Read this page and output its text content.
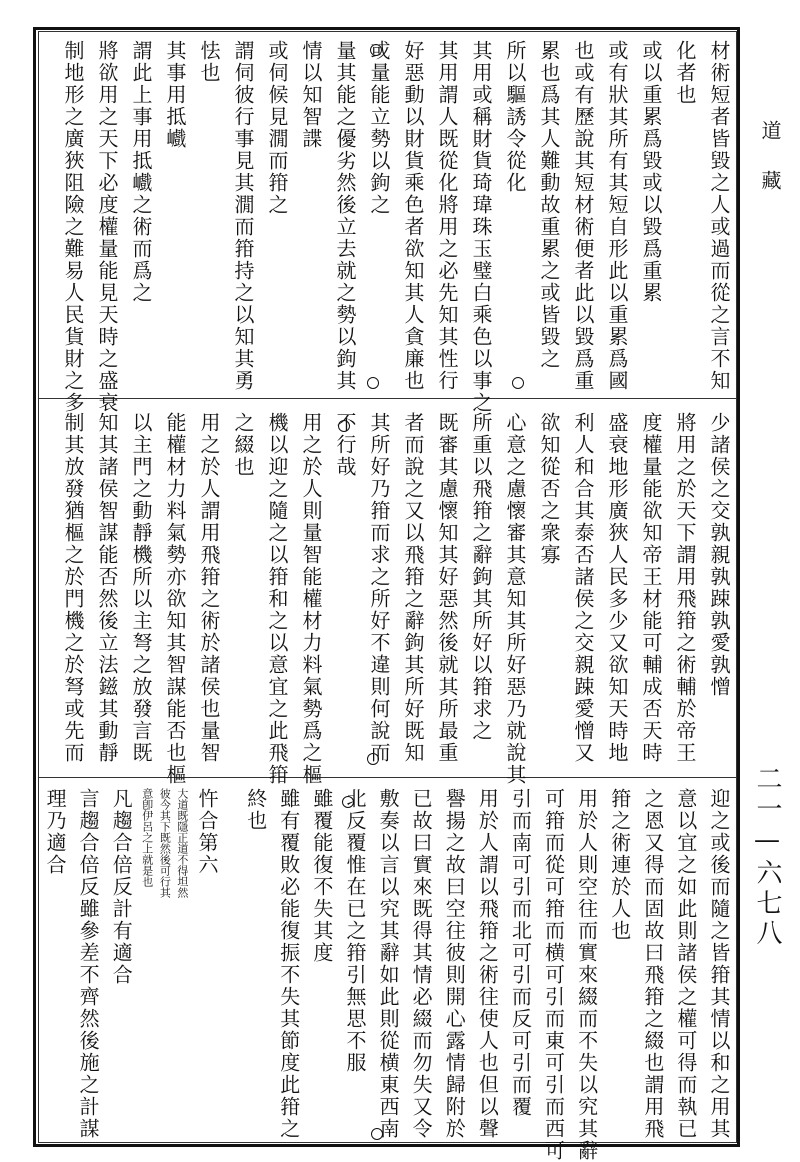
材術短者皆毀之人或過而從之言不知
化者也
或以重累爲毀或以毀爲重累
或有狀其所有其短自形此以重累爲國
也或有歷說其短材術便者此以毀爲重
累也爲其人難動故重累之或皆毀之
所以驅誘令從化
其用或稱財貨琦瑋珠玉璧白乘色以事之
其用謂人既從化將用之必先知其性行
好惡動以財貨乘色者欲知其人貪廉也
或量能立勢以鉤之
量其能之優劣然後立去就之勢以鉤其
情以知智諜
或伺候見㵎而箝之
謂伺彼行事見其㵎而箝持之以知其勇
怯也
其事用抵巇
謂此上事用抵巇之術而爲之
將欲用之天下必度權量能見天時之盛衰
制地形之廣狹阻險之難易人民貨財之多
少諸侯之交孰親孰踈孰愛孰憎
將用之於天下謂用飛箝之術輔於帝王
度權量能欲知帝王材能可輔成否天時
盛衰地形廣狹人民多少又欲知天時地
利人和合其泰否諸侯之交親踈愛憎又
欲知從否之衆寡
心意之慮懷審其意知其所好惡乃就說其
所重以飛箝之辭鉤其所好以箝求之
既審其慮懷知其好惡然後就其所最重
者而說之又以飛箝之辭鉤其所好既知
其所好乃箝而求之所好不違則何說而
不行哉
用之於人則量智能權材力料氣勢爲之樞
機以迎之隨之以箝和之以意宜之此飛箝
之綴也
用之於人謂用飛箝之術於諸侯也量智
能權材力料氣勢亦欲知其智謀能否也樞
以主門之動靜機所以主弩之放發言既
知其諸侯智謀能否然後立法鎡其動靜
制其放發猶樞之於門機之於弩或先而
迎之或後而隨之皆箝其情以和之用其
意以宜之如此則諸侯之權可得而執已
之恩又得而固故曰飛箝之綴也謂用飛
箝之術連於人也
用於人則空往而實來綴而不失以究其辭
可箝而從可箝而横可引而東可引而西可
引而南可引而北可引而反可引而覆
用於人謂以飛箝之術往使人也但以聲
譽揚之故曰空往彼則開心露情歸附於
已故曰實來既得其情必綴而勿失又令
敷奏以言以究其辭如此則從横東西南
北反覆惟在已之箝引無思不服
雖覆能復不失其度
雖有覆敗必能復振不失其節度此箝之
終也
忤合第六
大道既隱正道不得坦然
彼今其下既然後可行其
意卽伊呂之上就是也
凡趨合倍反計有適合
言趨合倍反雖參差不齊然後施之計謀
理乃適合
道藏
二一—六七八
